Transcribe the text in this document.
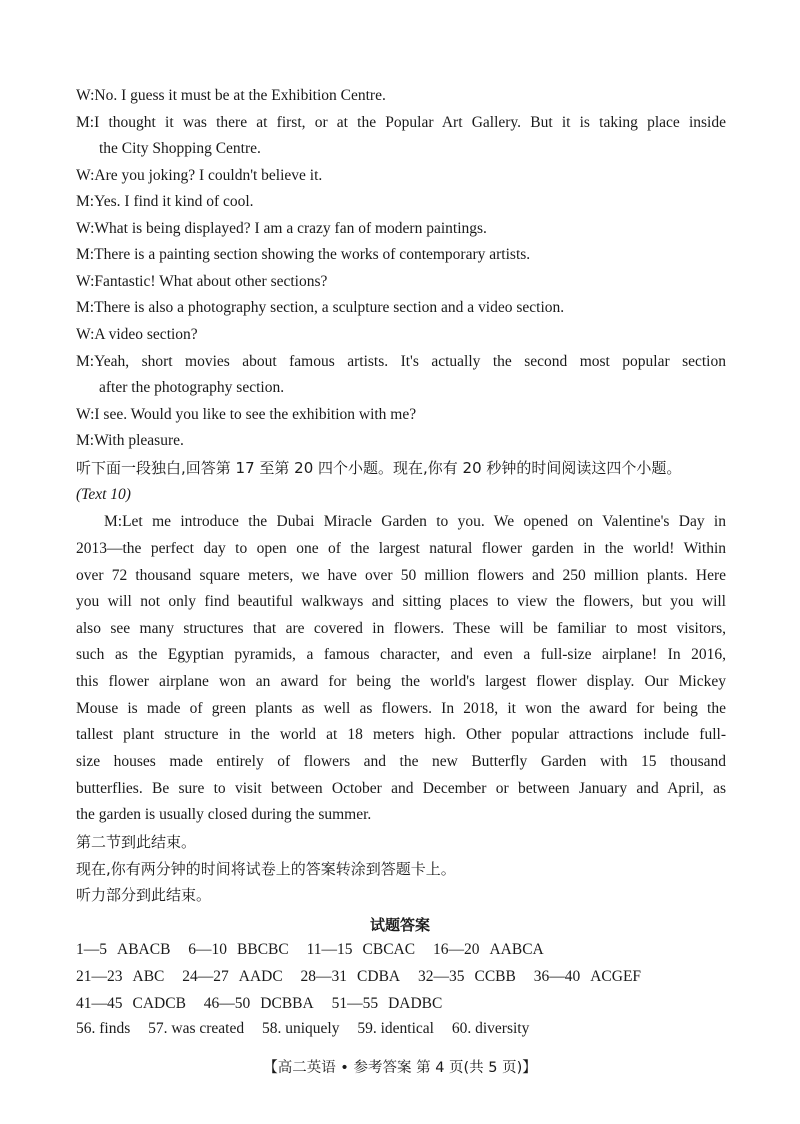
W:No. I guess it must be at the Exhibition Centre.
M:I thought it was there at first, or at the Popular Art Gallery. But it is taking place inside
the City Shopping Centre.
W:Are you joking? I couldn't believe it.
M:Yes. I find it kind of cool.
W:What is being displayed? I am a crazy fan of modern paintings.
M:There is a painting section showing the works of contemporary artists.
W:Fantastic! What about other sections?
M:There is also a photography section, a sculpture section and a video section.
W:A video section?
M:Yeah, short movies about famous artists. It's actually the second most popular section
after the photography section.
W:I see. Would you like to see the exhibition with me?
M:With pleasure.
听下面一段独白,回答第 17 至第 20 四个小题。现在,你有 20 秒钟的时间阅读这四个小题。
(Text 10)
M:Let me introduce the Dubai Miracle Garden to you. We opened on Valentine's Day in
2013—the perfect day to open one of the largest natural flower garden in the world! Within
over 72 thousand square meters, we have over 50 million flowers and 250 million plants. Here
you will not only find beautiful walkways and sitting places to view the flowers, but you will
also see many structures that are covered in flowers. These will be familiar to most visitors,
such as the Egyptian pyramids, a famous character, and even a full-size airplane! In 2016,
this flower airplane won an award for being the world's largest flower display. Our Mickey
Mouse is made of green plants as well as flowers. In 2018, it won the award for being the
tallest plant structure in the world at 18 meters high. Other popular attractions include full-
size houses made entirely of flowers and the new Butterfly Garden with 15 thousand
butterflies. Be sure to visit between October and December or between January and April, as
the garden is usually closed during the summer.
第二节到此结束。
现在,你有两分钟的时间将试卷上的答案转涂到答题卡上。
听力部分到此结束。
试题答案
1—5 ABACB 6—10 BBCBC 11—15 CBCAC 16—20 AABCA
21—23 ABC 24—27 AADC 28—31 CDBA 32—35 CCBB 36—40 ACGEF
41—45 CADCB 46—50 DCBBA 51—55 DADBC
56. finds 57. was created 58. uniquely 59. identical 60. diversity
【高二英语 • 参考答案 第 4 页(共 5 页)】
